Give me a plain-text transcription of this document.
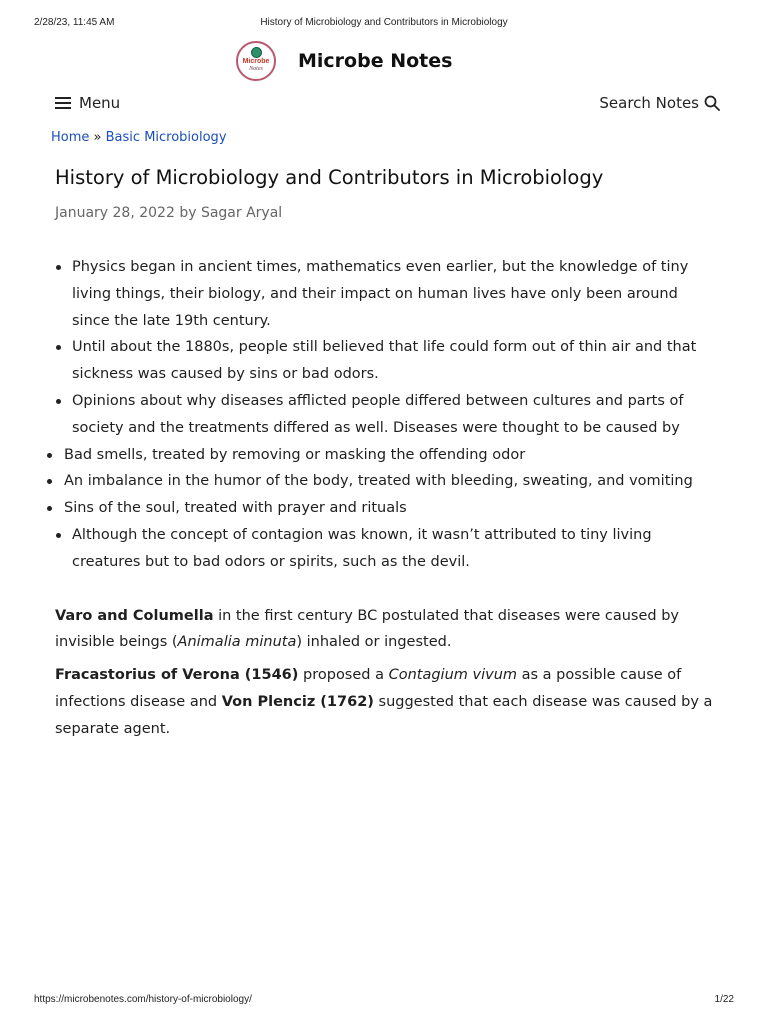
2/28/23, 11:45 AM	History of Microbiology and Contributors in Microbiology
Microbe
Notes Microbe Notes
Menu	Search Notes
Home » Basic Microbiology
History of Microbiology and Contributors in Microbiology
January 28, 2022 by Sagar Aryal
Physics began in ancient times, mathematics even earlier, but the knowledge of tiny living things, their biology, and their impact on human lives have only been around since the late 19th century.
Until about the 1880s, people still believed that life could form out of thin air and that sickness was caused by sins or bad odors.
Opinions about why diseases afflicted people differed between cultures and parts of society and the treatments differed as well. Diseases were thought to be caused by
Bad smells, treated by removing or masking the offending odor
An imbalance in the humor of the body, treated with bleeding, sweating, and vomiting
Sins of the soul, treated with prayer and rituals
Although the concept of contagion was known, it wasn’t attributed to tiny living creatures but to bad odors or spirits, such as the devil.

Varo and Columella in the first century BC postulated that diseases were caused by invisible beings (Animalia minuta) inhaled or ingested.

Fracastorius of Verona (1546) proposed a Contagium vivum as a possible cause of infections disease and Von Plenciz (1762) suggested that each disease was caused by a separate agent.

https://microbenotes.com/history-of-microbiology/	1/22
